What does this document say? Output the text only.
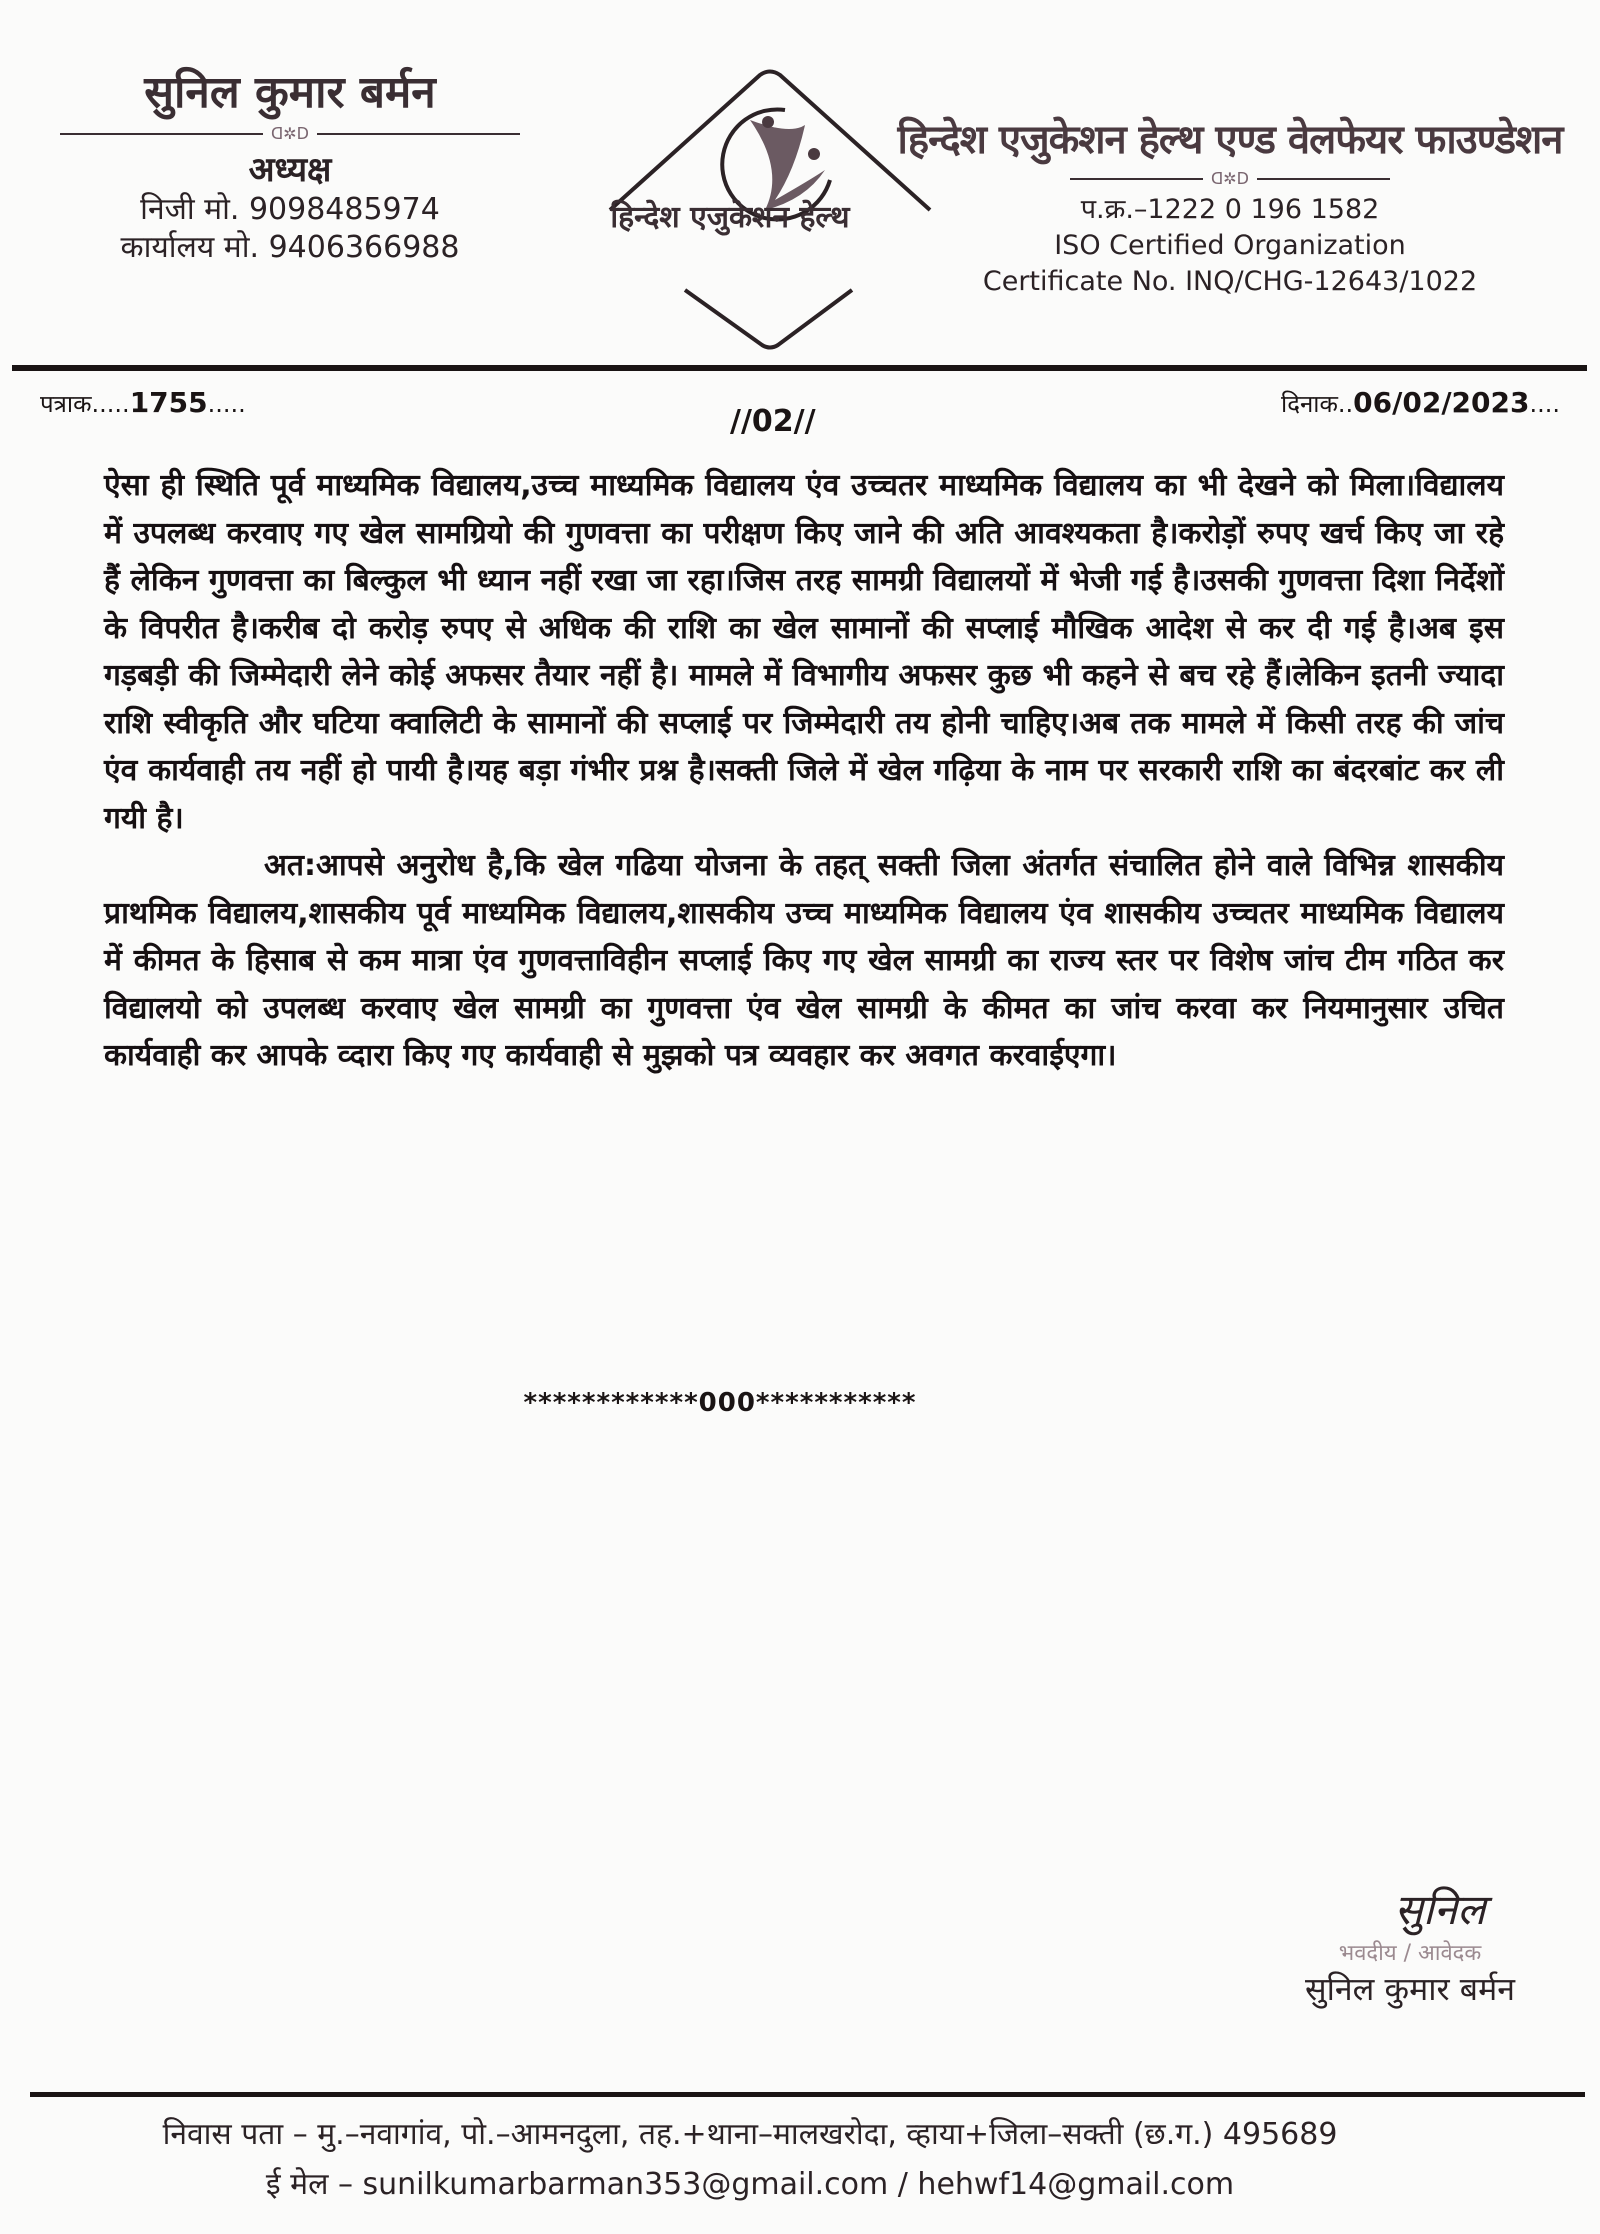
सुनिल कुमार बर्मन
ᗡ✲ᗞ
अध्यक्ष
निजी मो. 9098485974
कार्यालय मो. 9406366988
हिन्देश एजुकेशन हेल्थ
हिन्देश एजुकेशन हेल्थ एण्ड वेलफेयर फाउण्डेशन
ᗡ✲ᗞ
प.क्र.–1222 0 196 1582
ISO Certified Organization
Certificate No. INQ/CHG-12643/1022
पत्राक.....1755.....	//02//	दिनाक..06/02/2023....

ऐसा ही स्थिति पूर्व माध्यमिक विद्यालय,उच्च माध्यमिक विद्यालय एंव उच्चतर माध्यमिक विद्यालय का भी देखने को मिला।विद्यालय में उपलब्ध करवाए गए खेल सामग्रियो की गुणवत्ता का परीक्षण किए जाने की अति आवश्यकता है।करोड़ों रुपए खर्च किए जा रहे हैं लेकिन गुणवत्ता का बिल्कुल भी ध्यान नहीं रखा जा रहा।जिस तरह सामग्री विद्यालयों में भेजी गई है।उसकी गुणवत्ता दिशा निर्देशों के विपरीत है।करीब दो करोड़ रुपए से अधिक की राशि का खेल सामानों की सप्लाई मौखिक आदेश से कर दी गई है।अब इस गड़बड़ी की जिम्मेदारी लेने कोई अफसर तैयार नहीं है। मामले में विभागीय अफसर कुछ भी कहने से बच रहे हैं।लेकिन इतनी ज्यादा राशि स्वीकृति और घटिया क्वालिटी के सामानों की सप्लाई पर जिम्मेदारी तय होनी चाहिए।अब तक मामले में किसी तरह की जांच एंव कार्यवाही तय नहीं हो पायी है।यह बड़ा गंभीर प्रश्न है।सक्ती जिले में खेल गढ़िया के नाम पर सरकारी राशि का बंदरबांट कर ली गयी है।

अत:आपसे अनुरोध है,कि खेल गढिया योजना के तहत् सक्ती जिला अंतर्गत संचालित होने वाले विभिन्न शासकीय प्राथमिक विद्यालय,शासकीय पूर्व माध्यमिक विद्यालय,शासकीय उच्च माध्यमिक विद्यालय एंव शासकीय उच्चतर माध्यमिक विद्यालय में कीमत के हिसाब से कम मात्रा एंव गुणवत्ताविहीन सप्लाई किए गए खेल सामग्री का राज्य स्तर पर विशेष जांच टीम गठित कर विद्यालयो को उपलब्ध करवाए खेल सामग्री का गुणवत्ता एंव खेल सामग्री के कीमत का जांच करवा कर नियमानुसार उचित कार्यवाही कर आपके व्दारा किए गए कार्यवाही से मुझको पत्र व्यवहार कर अवगत करवाईएगा।

************000***********
सुनिल
भवदीय / आवेदक
सुनिल कुमार बर्मन
निवास पता – मु.–नवागांव, पो.–आमनदुला, तह.+थाना–मालखरोदा, व्हाया+जिला–सक्ती (छ.ग.) 495689
ई मेल – sunilkumarbarman353@gmail.com / hehwf14@gmail.com
